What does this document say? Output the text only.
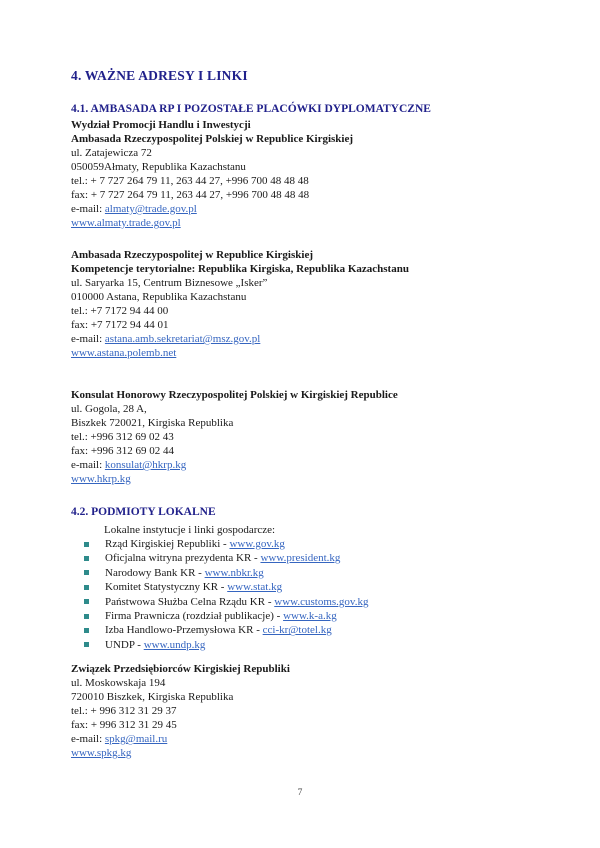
4. WAŻNE ADRESY I LINKI
4.1. AMBASADA RP I POZOSTAŁE PLACÓWKI DYPLOMATYCZNE
Wydział Promocji Handlu i Inwestycji
Ambasada Rzeczypospolitej Polskiej w Republice Kirgiskiej
ul. Zatajewicza 72
050059Ałmaty, Republika Kazachstanu
tel.: + 7 727 264 79 11, 263 44 27, +996 700 48 48 48
fax: + 7 727 264 79 11, 263 44 27, +996 700 48 48 48
e-mail: almaty@trade.gov.pl
www.almaty.trade.gov.pl
Ambasada Rzeczypospolitej w Republice Kirgiskiej
Kompetencje terytorialne: Republika Kirgiska, Republika Kazachstanu
ul. Saryarka 15, Centrum Biznesowe „Isker”
010000 Astana, Republika Kazachstanu
tel.: +7 7172 94 44 00
fax: +7 7172 94 44 01
e-mail: astana.amb.sekretariat@msz.gov.pl
www.astana.polemb.net
Konsulat Honorowy Rzeczypospolitej Polskiej w Kirgiskiej Republice
ul. Gogola, 28 A,
Biszkek 720021, Kirgiska Republika
tel.: +996 312 69 02 43
fax: +996 312 69 02 44
e-mail: konsulat@hkrp.kg
www.hkrp.kg
4.2. PODMIOTY LOKALNE
Lokalne instytucje i linki gospodarcze:
Rząd Kirgiskiej Republiki - www.gov.kg
Oficjalna witryna prezydenta KR - www.president.kg
Narodowy Bank KR - www.nbkr.kg
Komitet Statystyczny KR - www.stat.kg
Państwowa Służba Celna Rządu KR - www.customs.gov.kg
Firma Prawnicza (rozdział publikacje) - www.k-a.kg
Izba Handlowo-Przemysłowa KR - cci-kr@totel.kg
UNDP - www.undp.kg
Związek Przedsiębiorców Kirgiskiej Republiki
ul. Moskowskaja 194
720010 Biszkek, Kirgiska Republika
tel.: + 996 312 31 29 37
fax: + 996 312 31 29 45
e-mail: spkg@mail.ru
www.spkg.kg
7
